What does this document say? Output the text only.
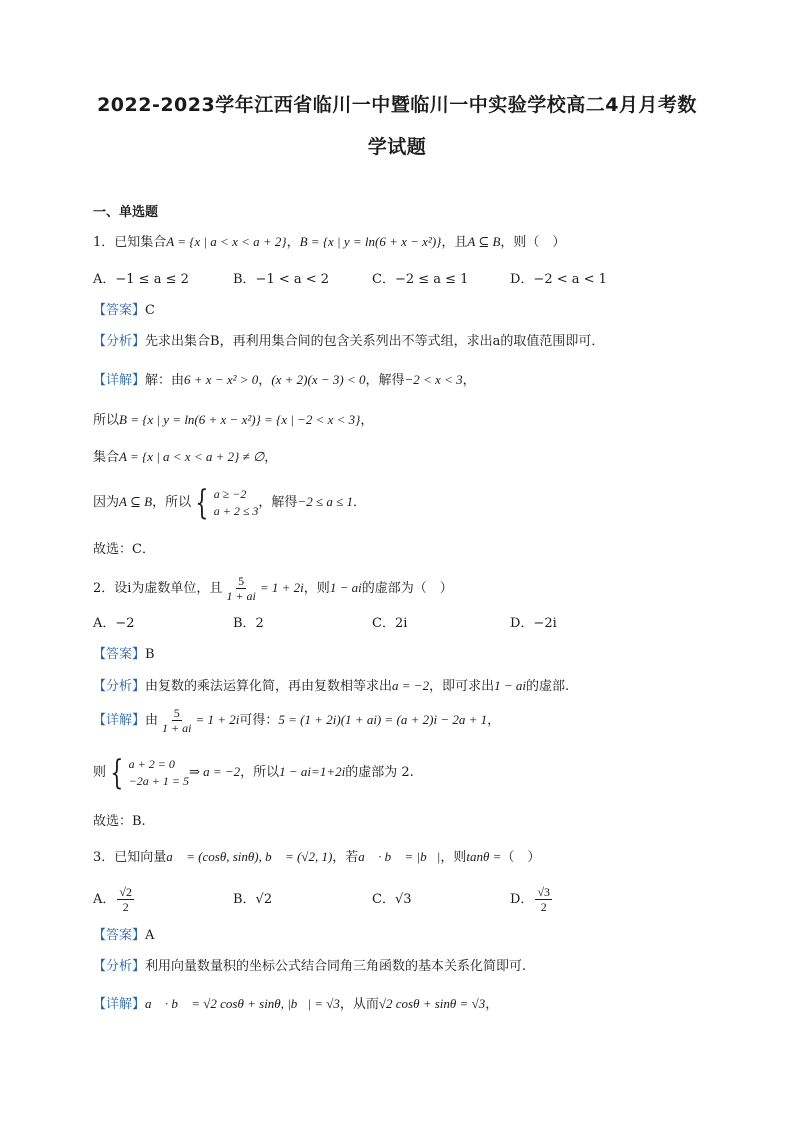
2022-2023学年江西省临川一中暨临川一中实验学校高二4月月考数
学试题
一、单选题
1．已知集合A = {x | a < x < a + 2}，B = {x | y = ln(6 + x − x²)}，且A ⊆ B，则（　）
A．−1 ≤ a ≤ 2	B．−1 < a < 2	C．−2 ≤ a ≤ 1	D．−2 < a < 1
【答案】C
【分析】先求出集合B，再利用集合间的包含关系列出不等式组，求出a的取值范围即可．
【详解】解：由6 + x − x² > 0，(x + 2)(x − 3) < 0，解得−2 < x < 3，
所以B = {x | y = ln(6 + x − x²)} = {x | −2 < x < 3}，
集合A = {x | a < x < a + 2} ≠ ∅，
因为A ⊆ B，所以 { a ≥ −2
a + 2 ≤ 3
，解得−2 ≤ a ≤ 1．
故选：C．
2．设i为虚数单位，且 $\frac{5}{1 + ai} = 1 + 2i$，则1 − ai的虚部为（　）
A．−2	B．2	C．2i	D．−2i
【答案】B
【分析】由复数的乘法运算化简，再由复数相等求出a = −2，即可求出1 − ai的虚部.
【详解】由 $\frac{5}{1 + ai} = 1 + 2i$可得：5 = (1 + 2i)(1 + ai) = (a + 2)i − 2a + 1，
则 { a + 2 = 0
−2a + 1 = 5
⇒ a = −2，所以1 − ai=1+2i的虚部为 2.
故选：B.
3．已知向量a⃗ = (cosθ, sinθ), b⃗ = (√2, 1)，若a⃗ · b⃗ = |b⃗|，则tanθ =（　）
A． $\frac{√2}{2}$	B．√2	C．√3	D． $\frac{√3}{2}$
【答案】A
【分析】利用向量数量积的坐标公式结合同角三角函数的基本关系化简即可.
【详解】a⃗ · b⃗ = √2 cosθ + sinθ, |b⃗| = √3，从而√2 cosθ + sinθ = √3，
